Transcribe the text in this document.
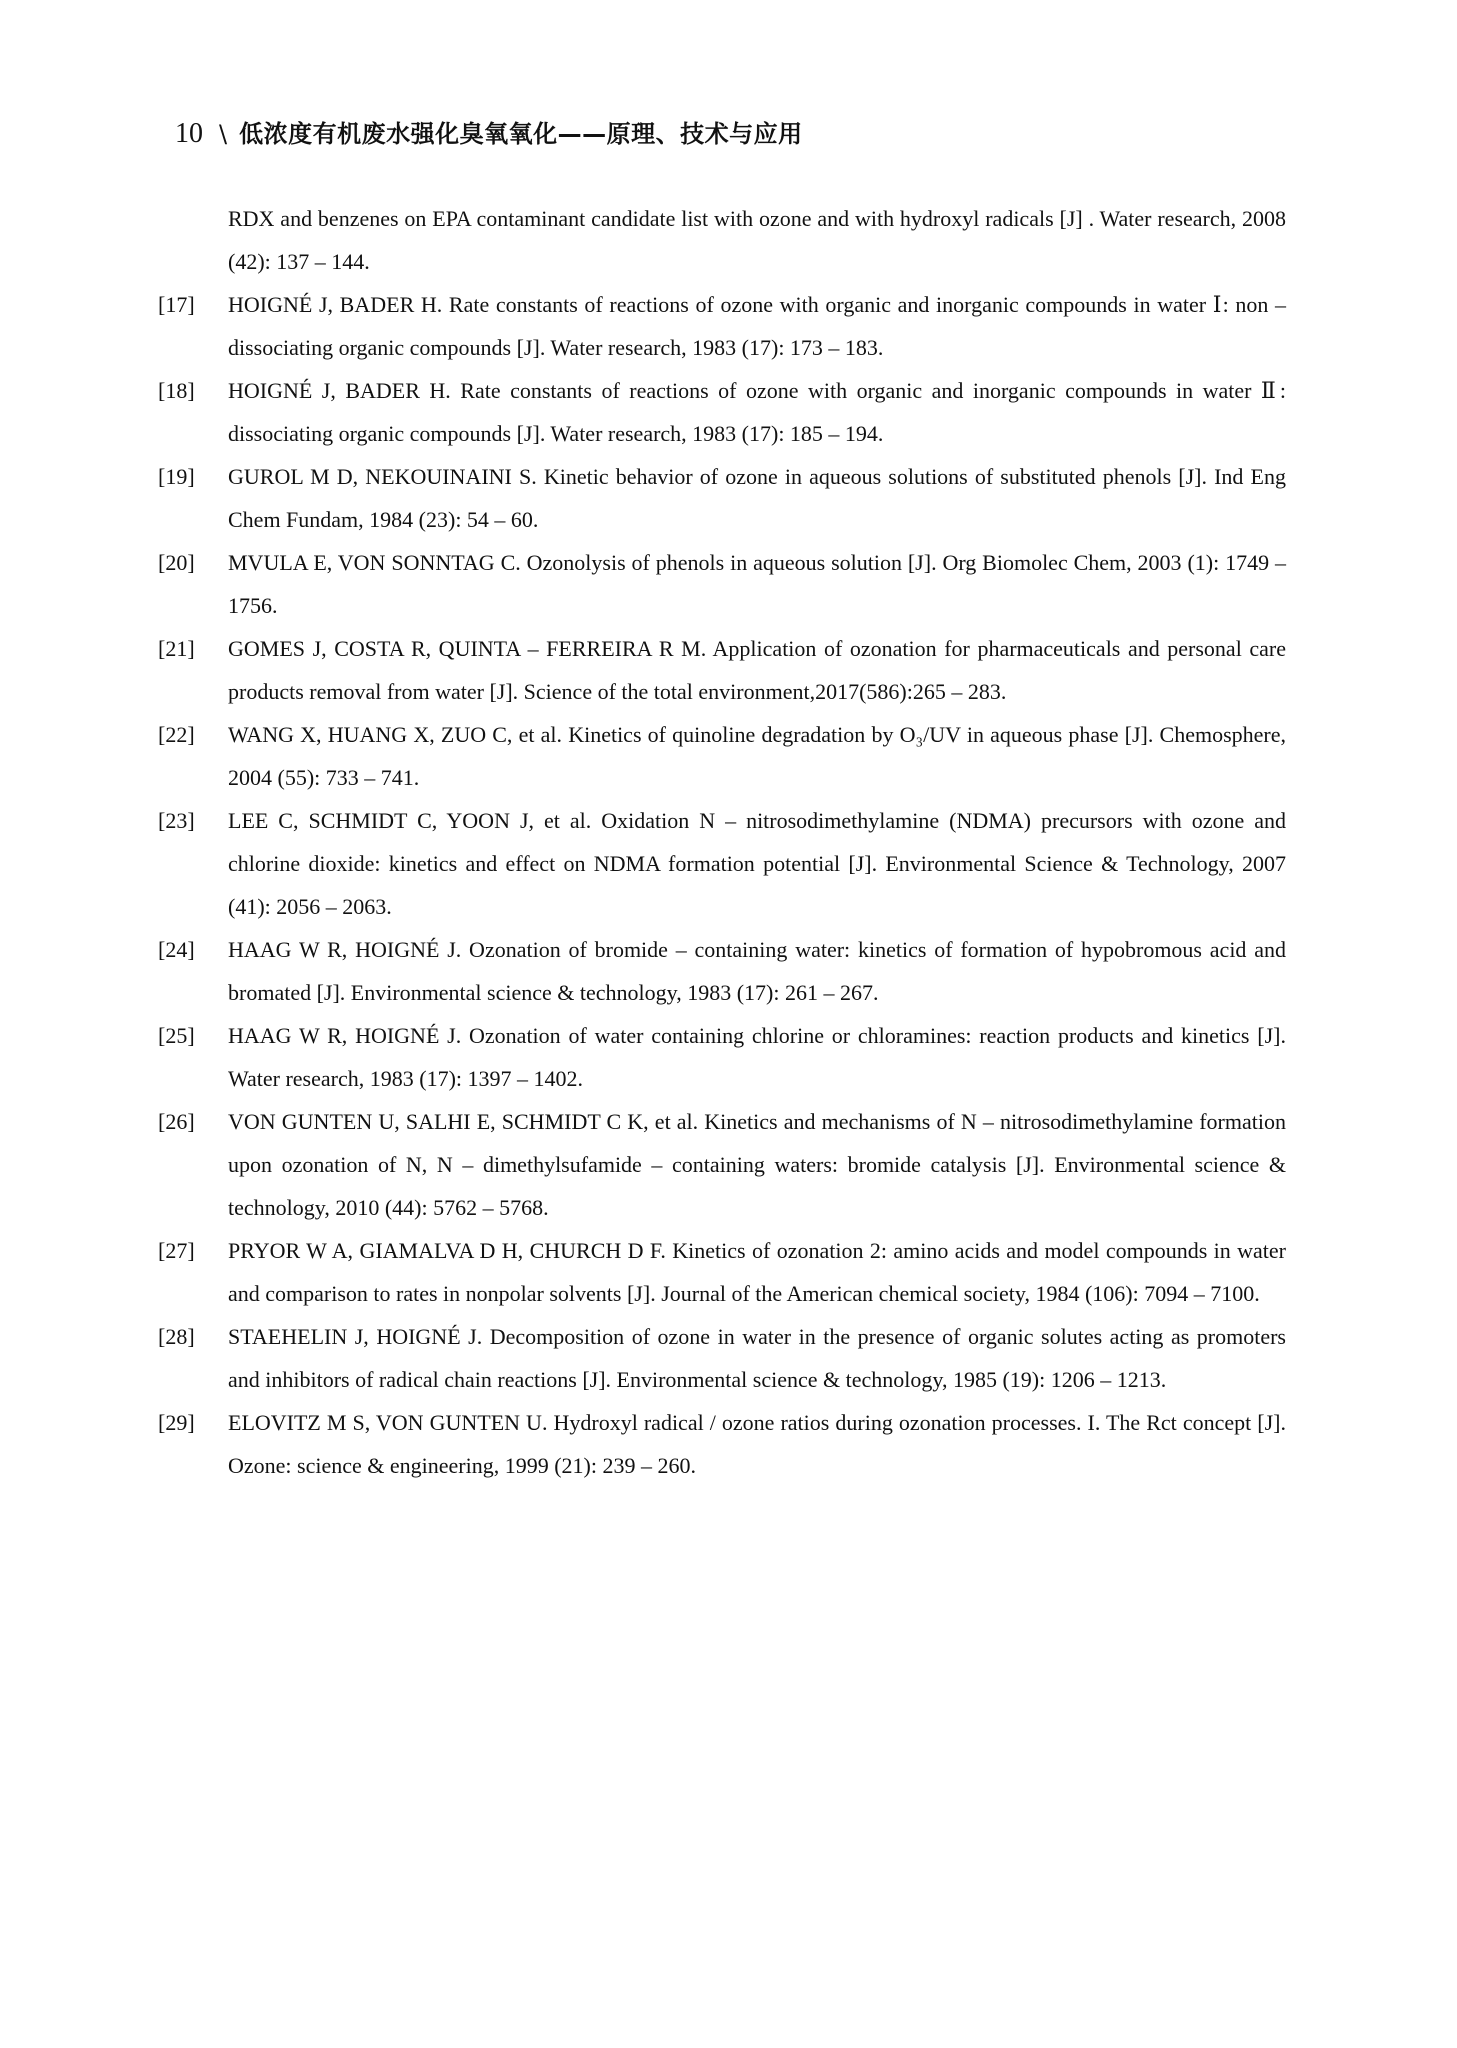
10 \ 低浓度有机废水强化臭氧氧化——原理、技术与应用
RDX and benzenes on EPA contaminant candidate list with ozone and with hydroxyl radicals [J] . Water research, 2008 (42): 137 – 144.
[17] HOIGNÉ J, BADER H. Rate constants of reactions of ozone with organic and inorganic compounds in water Ⅰ: non – dissociating organic compounds [J]. Water research, 1983 (17): 173 – 183.
[18] HOIGNÉ J, BADER H. Rate constants of reactions of ozone with organic and inorganic compounds in water Ⅱ: dissociating organic compounds [J]. Water research, 1983 (17): 185 – 194.
[19] GUROL M D, NEKOUINAINI S. Kinetic behavior of ozone in aqueous solutions of substituted phenols [J]. Ind Eng Chem Fundam, 1984 (23): 54 – 60.
[20] MVULA E, VON SONNTAG C. Ozonolysis of phenols in aqueous solution [J]. Org Biomolec Chem, 2003 (1): 1749 – 1756.
[21] GOMES J, COSTA R, QUINTA – FERREIRA R M. Application of ozonation for pharmaceuticals and personal care products removal from water [J]. Science of the total environment,2017(586):265 – 283.
[22] WANG X, HUANG X, ZUO C, et al. Kinetics of quinoline degradation by O₃/UV in aqueous phase [J]. Chemosphere, 2004 (55): 733 – 741.
[23] LEE C, SCHMIDT C, YOON J, et al. Oxidation N – nitrosodimethylamine (NDMA) precursors with ozone and chlorine dioxide: kinetics and effect on NDMA formation potential [J]. Environmental Science & Technology, 2007 (41): 2056 – 2063.
[24] HAAG W R, HOIGNÉ J. Ozonation of bromide – containing water: kinetics of formation of hypobromous acid and bromated [J]. Environmental science & technology, 1983 (17): 261 – 267.
[25] HAAG W R, HOIGNÉ J. Ozonation of water containing chlorine or chloramines: reaction products and kinetics [J]. Water research, 1983 (17): 1397 – 1402.
[26] VON GUNTEN U, SALHI E, SCHMIDT C K, et al. Kinetics and mechanisms of N – nitrosodimethylamine formation upon ozonation of N, N – dimethylsufamide – containing waters: bromide catalysis [J]. Environmental science & technology, 2010 (44): 5762 – 5768.
[27] PRYOR W A, GIAMALVA D H, CHURCH D F. Kinetics of ozonation 2: amino acids and model compounds in water and comparison to rates in nonpolar solvents [J]. Journal of the American chemical society, 1984 (106): 7094 – 7100.
[28] STAEHELIN J, HOIGNÉ J. Decomposition of ozone in water in the presence of organic solutes acting as promoters and inhibitors of radical chain reactions [J]. Environmental science & technology, 1985 (19): 1206 – 1213.
[29] ELOVITZ M S, VON GUNTEN U. Hydroxyl radical / ozone ratios during ozonation processes. I. The Rct concept [J]. Ozone: science & engineering, 1999 (21): 239 – 260.
